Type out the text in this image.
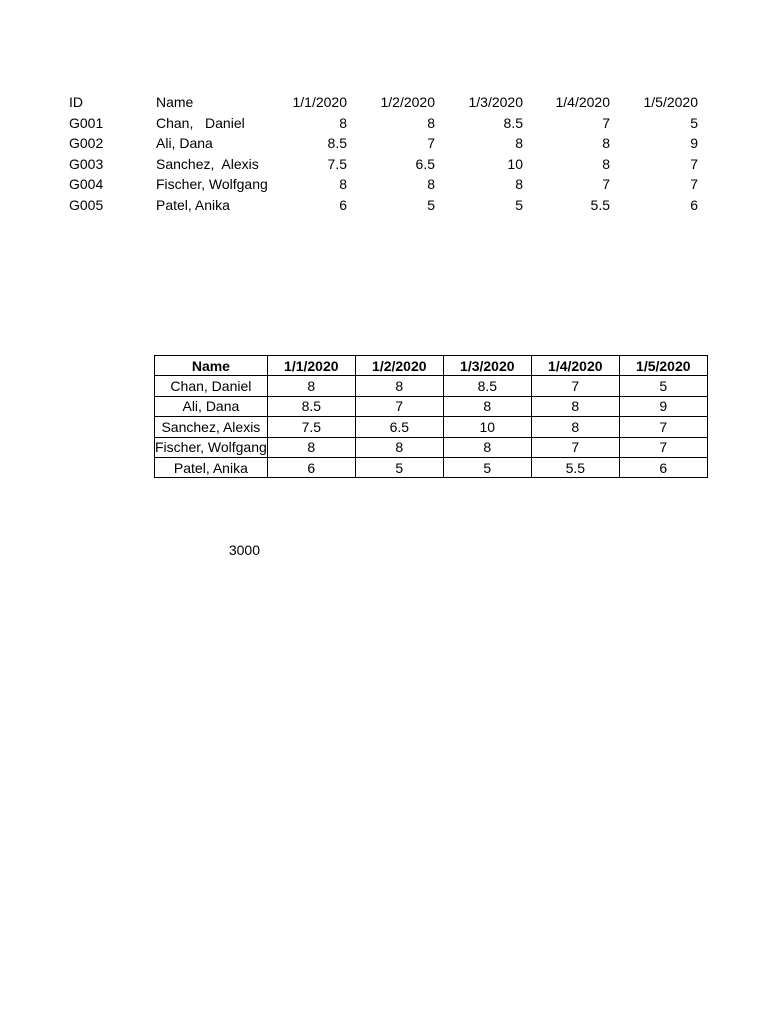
ID	Name	1/1/2020	1/2/2020	1/3/2020	1/4/2020	1/5/2020
G001	Chan,   Daniel	8	8	8.5	7	5
G002	Ali, Dana	8.5	7	8	8	9
G003	Sanchez,  Alexis	7.5	6.5	10	8	7
G004	Fischer, Wolfgang	8	8	8	7	7
G005	Patel, Anika	6	5	5	5.5	6
Name	1/1/2020	1/2/2020	1/3/2020	1/4/2020	1/5/2020
Chan, Daniel	8	8	8.5	7	5
Ali, Dana	8.5	7	8	8	9
Sanchez, Alexis	7.5	6.5	10	8	7
Fischer, Wolfgang	8	8	8	7	7
Patel, Anika	6	5	5	5.5	6
3000
